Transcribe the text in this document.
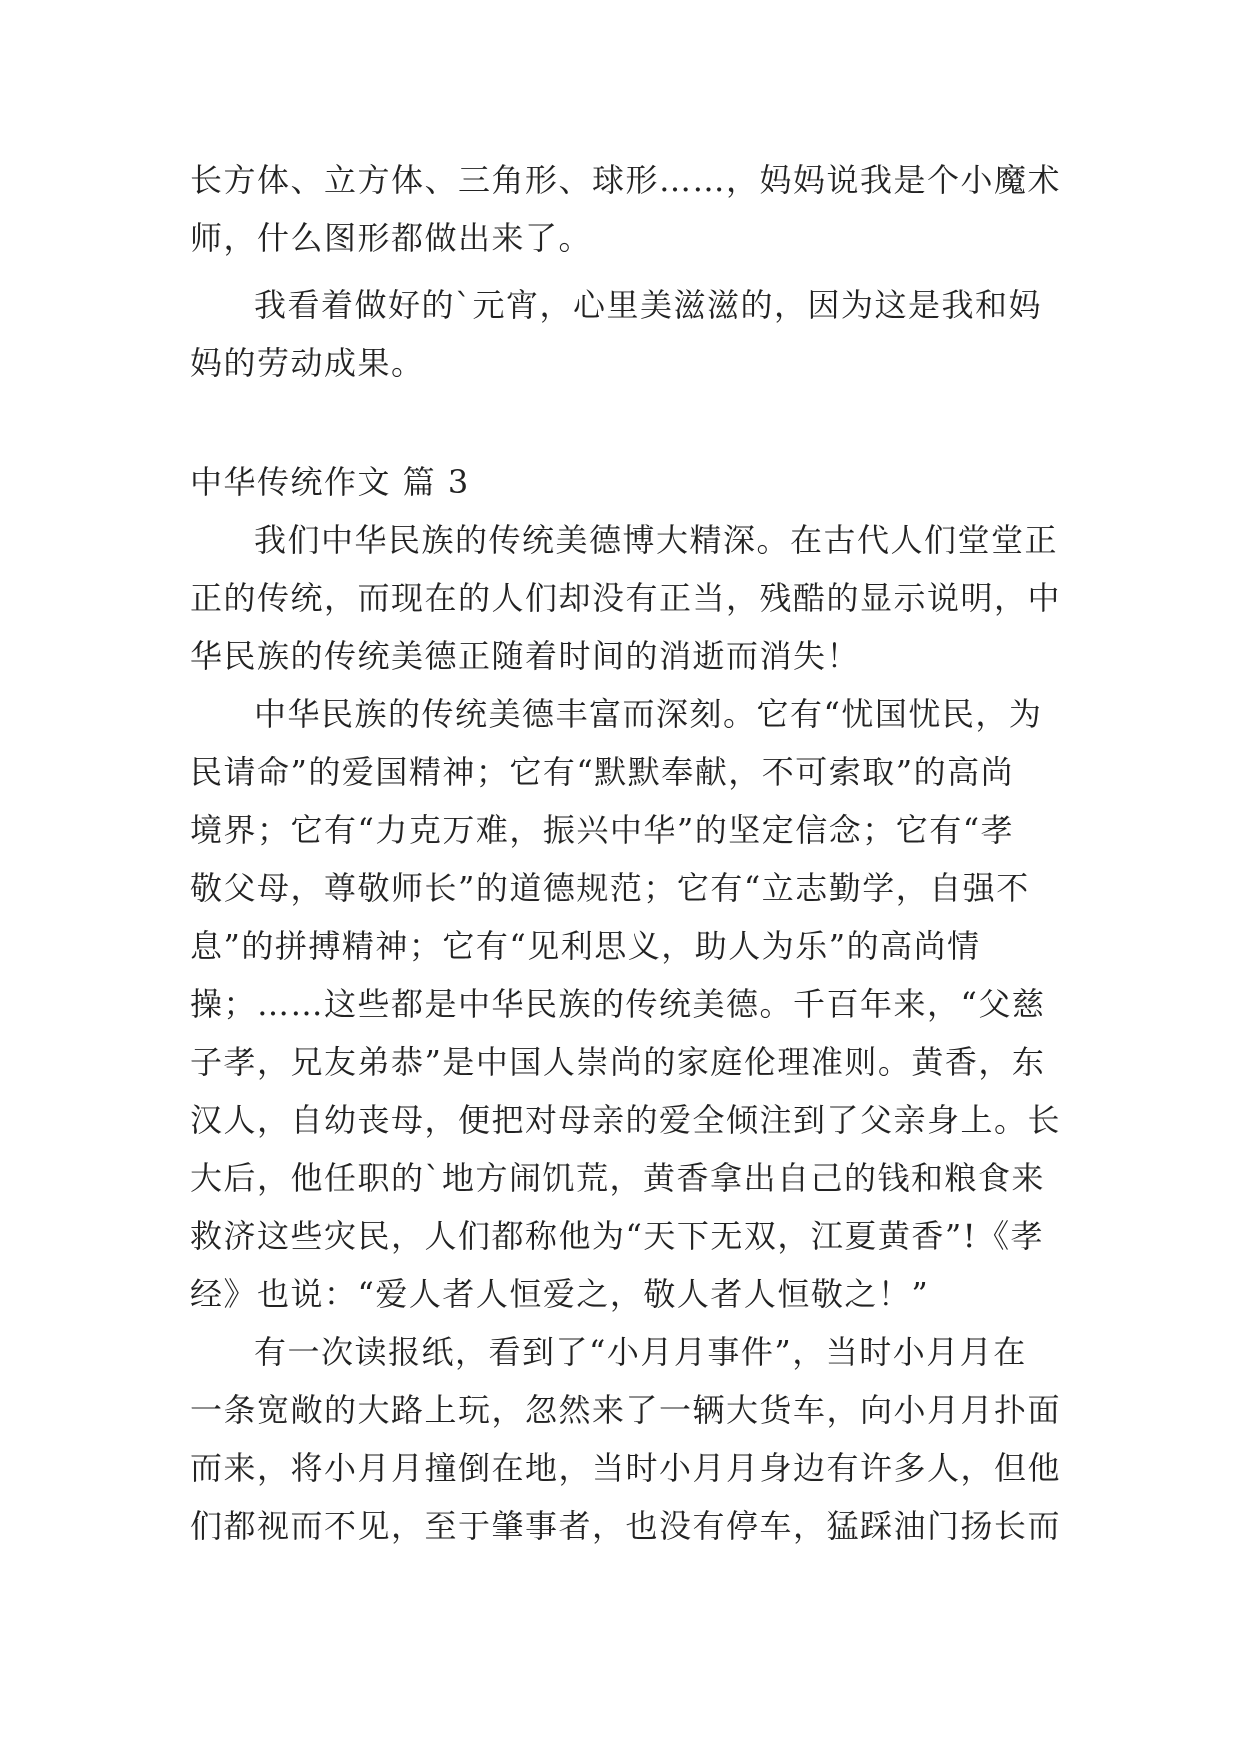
长方体、立方体、三角形、球形……，妈妈说我是个小魔术
师，什么图形都做出来了。
我看着做好的`元宵，心里美滋滋的，因为这是我和妈
妈的劳动成果。
中华传统作文 篇 3
我们中华民族的传统美德博大精深。在古代人们堂堂正
正的传统，而现在的人们却没有正当，残酷的显示说明，中
华民族的传统美德正随着时间的消逝而消失！
中华民族的传统美德丰富而深刻。它有“忧国忧民，为
民请命”的爱国精神；它有“默默奉献，不可索取”的高尚
境界；它有“力克万难，振兴中华”的坚定信念；它有“孝
敬父母，尊敬师长”的道德规范；它有“立志勤学，自强不
息”的拼搏精神；它有“见利思义，助人为乐”的高尚情
操；……这些都是中华民族的传统美德。千百年来，“父慈
子孝，兄友弟恭”是中国人崇尚的家庭伦理准则。黄香，东
汉人，自幼丧母，便把对母亲的爱全倾注到了父亲身上。长
大后，他任职的`地方闹饥荒，黄香拿出自己的钱和粮食来
救济这些灾民，人们都称他为“天下无双，江夏黄香”!《孝
经》也说：“爱人者人恒爱之，敬人者人恒敬之！”
有一次读报纸，看到了“小月月事件”，当时小月月在
一条宽敞的大路上玩，忽然来了一辆大货车，向小月月扑面
而来，将小月月撞倒在地，当时小月月身边有许多人，但他
们都视而不见，至于肇事者，也没有停车，猛踩油门扬长而
